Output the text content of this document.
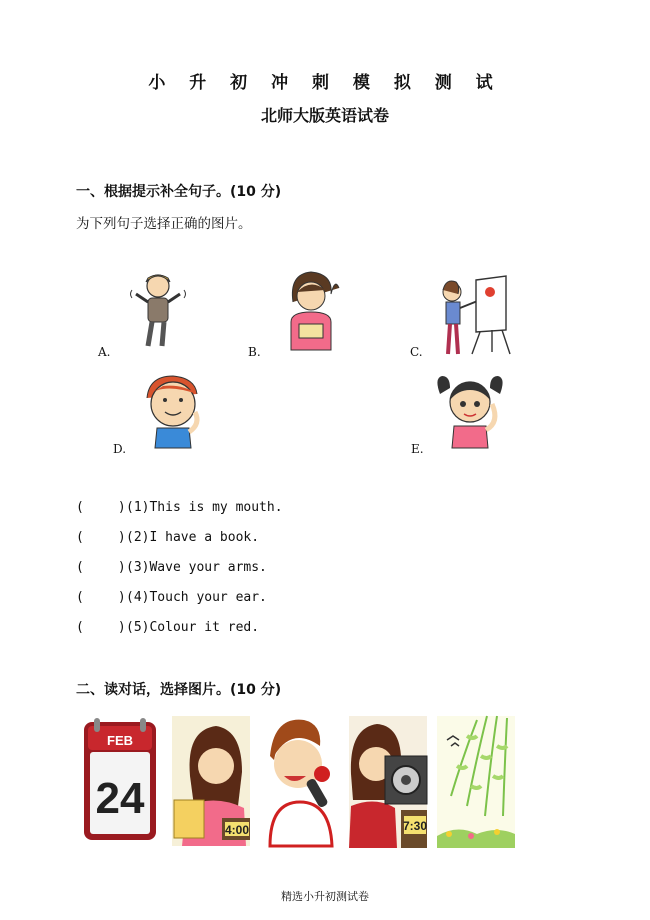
小 升 初 冲 刺 模 拟 测 试
北师大版英语试卷
一、根据提示补全句子。(10 分)
为下列句子选择正确的图片。
A.	B.	C.
D.	E.
(	)(1)This is my mouth.
(	)(2)I have a book.
(	)(3)Wave your arms.
(	)(4)Touch your ear.
(	)(5)Colour it red.
二、读对话，选择图片。(10 分)
FEB
24
4:00	7:30
精选小升初测试卷
